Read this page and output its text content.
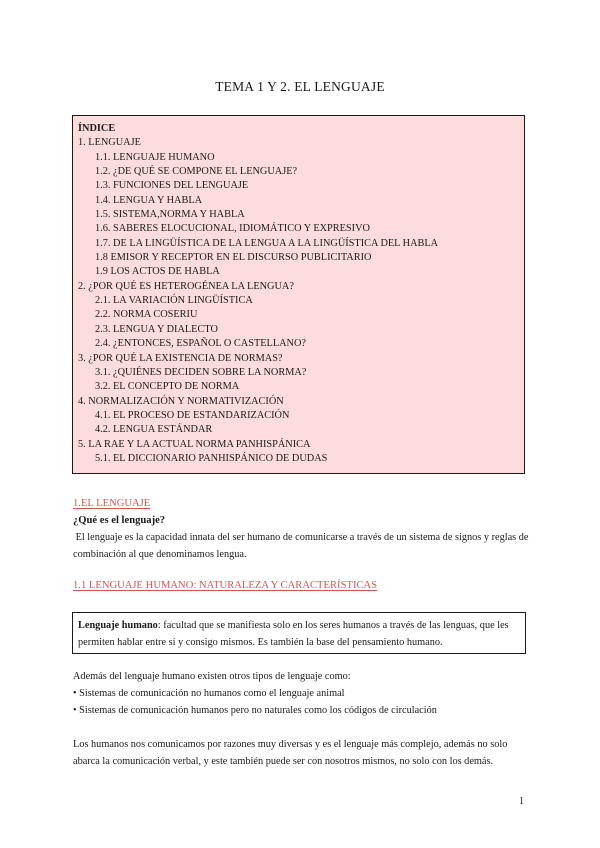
TEMA 1 Y 2. EL LENGUAJE
ÍNDICE
1. LENGUAJE
1.1. LENGUAJE HUMANO
1.2. ¿DE QUÉ SE COMPONE EL LENGUAJE?
1.3. FUNCIONES DEL LENGUAJE
1.4. LENGUA Y HABLA
1.5. SISTEMA,NORMA Y HABLA
1.6. SABERES ELOCUCIONAL, IDIOMÁTICO Y EXPRESIVO
1.7. DE LA LINGÜÍSTICA DE LA LENGUA A LA LINGÜÍSTICA DEL HABLA
1.8 EMISOR Y RECEPTOR EN EL DISCURSO PUBLICITARIO
1.9 LOS ACTOS DE HABLA
2. ¿POR QUÉ ES HETEROGÉNEA LA LENGUA?
2.1. LA VARIACIÓN LINGÜÍSTICA
2.2. NORMA COSERIU
2.3. LENGUA Y DIALECTO
2.4. ¿ENTONCES, ESPAÑOL O CASTELLANO?
3. ¿POR QUÉ LA EXISTENCIA DE NORMAS?
3.1. ¿QUIÉNES DECIDEN SOBRE LA NORMA?
3.2. EL CONCEPTO DE NORMA
4. NORMALIZACIÓN Y NORMATIVIZACIÓN
4.1. EL PROCESO DE ESTANDARIZACIÓN
4.2. LENGUA ESTÁNDAR
5. LA RAE Y LA ACTUAL NORMA PANHISPÁNICA
5.1. EL DICCIONARIO PANHISPÁNICO DE DUDAS
1.EL LENGUAJE
¿Qué es el lenguaje?
El lenguaje es la capacidad innata del ser humano de comunicarse a través de un sistema de signos y reglas de
combinación al que denominamos lengua.
1.1 LENGUAJE HUMANO: NATURALEZA Y CARACTERÍSTICAS
Lenguaje humano: facultad que se manifiesta solo en los seres humanos a través de las lenguas, que les
permiten hablar entre sí y consigo mismos. Es también la base del pensamiento humano.
Además del lenguaje humano existen otros tipos de lenguaje como:
• Sistemas de comunicación no humanos como el lenguaje animal
• Sistemas de comunicación humanos pero no naturales como los códigos de circulación
Los humanos nos comunicamos por razones muy diversas y es el lenguaje más complejo, además no solo
abarca la comunicación verbal, y este también puede ser con nosotros mismos, no solo con los demás.
1
